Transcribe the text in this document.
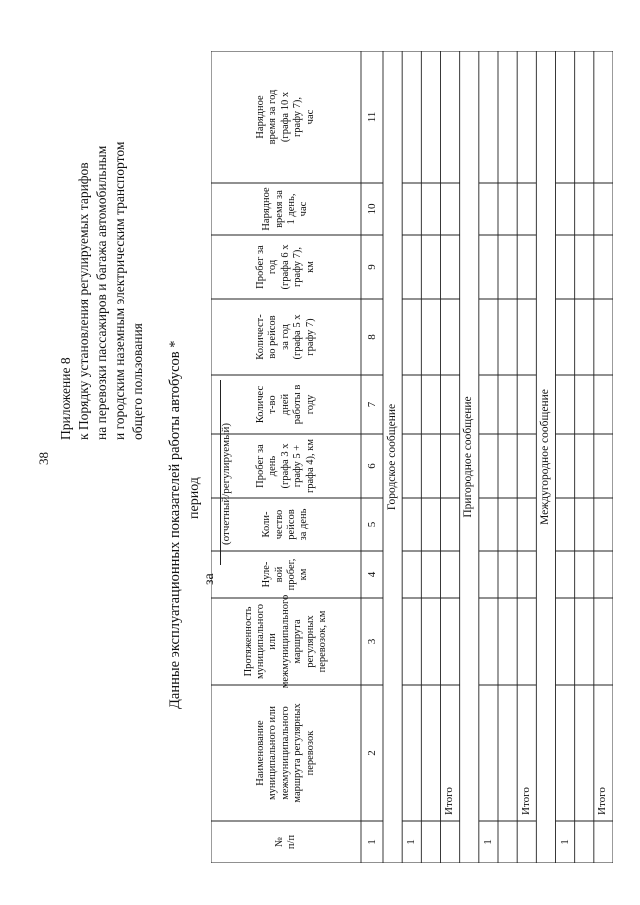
38
Приложение 8 к Порядку установления регулируемых тарифов на перевозки пассажиров и багажа автомобильным и городским наземным электрическим транспортом общего пользования Данные эксплуатационных показателей работы автобусов * период
за
(отчетный/регулируемый)
№
п/п
Наименование
муниципального или
межмуниципального
маршрута регулярных
перевозок
Протяженность
муниципального или
межмуниципального
маршрута
регулярных
перевозок, км
Нуле-
вой
пробег,
км
Коли-
чество
рейсов
за день
Пробег за
день
(графа 3 х
графу 5 +
графа 4), км
Количес
т-во
дней
работы в
году
Количест-
во рейсов
за год
(графа 5 х
графу 7)
Пробег за
год
(графа 6 х
графу 7),
км
Нарядное
время за
1 день,
час
Нарядное
время за год
(графа 10 х
графу 7),
час
1
2
3
4
5
6
7
8
9
10
11
Городское сообщение
1
Итого
Пригородное сообщение
1
Итого
Междугородное сообщение
1
Итого
